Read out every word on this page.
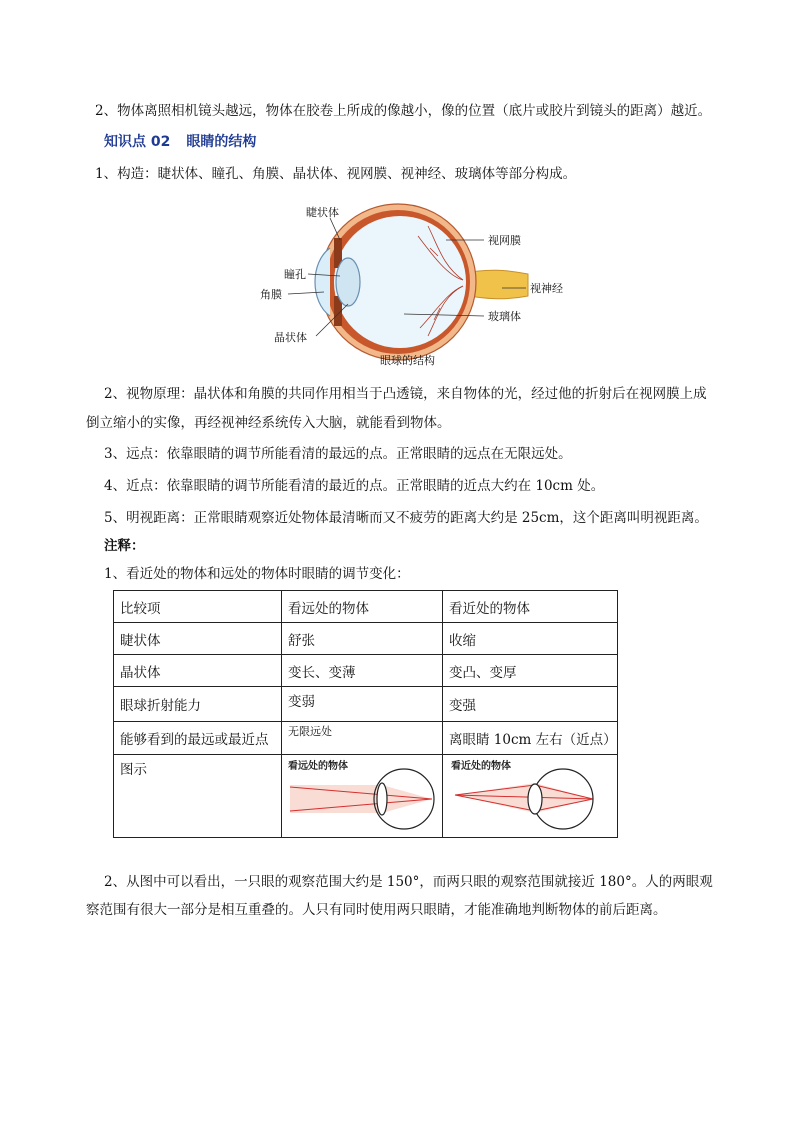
2、物体离照相机镜头越远，物体在胶卷上所成的像越小，像的位置（底片或胶片到镜头的距离）越近。
知识点 02 眼睛的结构
1、构造：睫状体、瞳孔、角膜、晶状体、视网膜、视神经、玻璃体等部分构成。
睫状体
瞳孔
角膜
晶状体
视网膜
视神经
玻璃体
眼球的结构
2、视物原理：晶状体和角膜的共同作用相当于凸透镜，来自物体的光，经过他的折射后在视网膜上成
倒立缩小的实像，再经视神经系统传入大脑，就能看到物体。
3、远点：依靠眼睛的调节所能看清的最远的点。正常眼睛的远点在无限远处。
4、近点：依靠眼睛的调节所能看清的最近的点。正常眼睛的近点大约在 10cm 处。
5、明视距离：正常眼睛观察近处物体最清晰而又不疲劳的距离大约是 25cm，这个距离叫明视距离。
注释：
1、看近处的物体和远处的物体时眼睛的调节变化：
比较项	看远处的物体	看近处的物体
睫状体	舒张	收缩
晶状体	变长、变薄	变凸、变厚
眼球折射能力	变弱	变强
能够看到的最远或最近点	无限远处	离眼睛 10cm 左右（近点）
图示	看远处的物体	看近处的物体
2、从图中可以看出，一只眼的观察范围大约是 150°，而两只眼的观察范围就接近 180°。人的两眼观察范围有很大一部分是相互重叠的。人只有同时使用两只眼睛，才能准确地判断物体的前后距离。
